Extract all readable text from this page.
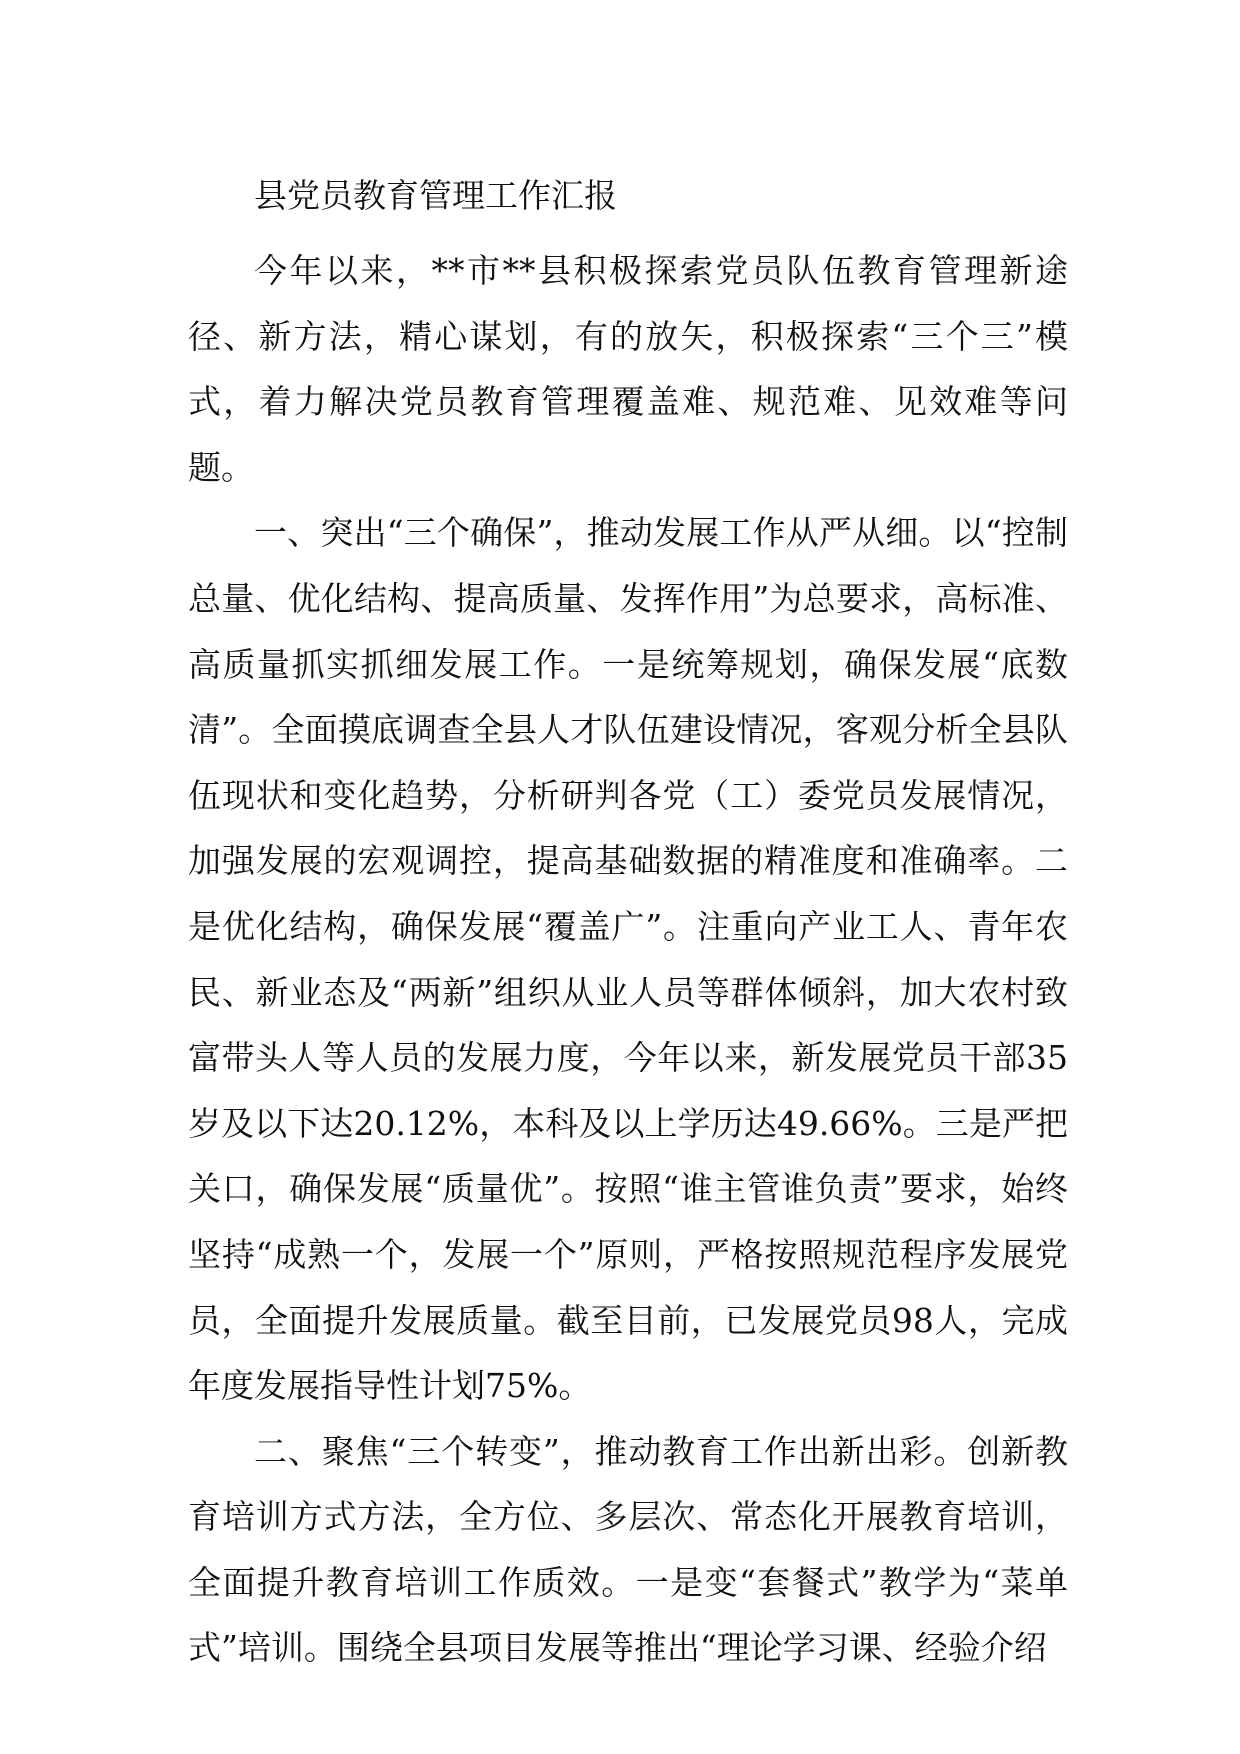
县党员教育管理工作汇报

今年以来，**市**县积极探索党员队伍教育管理新途径、新方法，精心谋划，有的放矢，积极探索“三个三”模式，着力解决党员教育管理覆盖难、规范难、见效难等问题。

一、突出“三个确保”，推动发展工作从严从细。以“控制总量、优化结构、提高质量、发挥作用”为总要求，高标准、高质量抓实抓细发展工作。一是统筹规划，确保发展“底数清”。全面摸底调查全县人才队伍建设情况，客观分析全县队伍现状和变化趋势，分析研判各党（工）委党员发展情况，加强发展的宏观调控，提高基础数据的精准度和准确率。二是优化结构，确保发展“覆盖广”。注重向产业工人、青年农民、新业态及“两新”组织从业人员等群体倾斜，加大农村致富带头人等人员的发展力度，今年以来，新发展党员干部35岁及以下达20.12%，本科及以上学历达49.66%。三是严把关口，确保发展“质量优”。按照“谁主管谁负责”要求，始终坚持“成熟一个，发展一个”原则，严格按照规范程序发展党员，全面提升发展质量。截至目前，已发展党员98人，完成年度发展指导性计划75%。

二、聚焦“三个转变”，推动教育工作出新出彩。创新教育培训方式方法，全方位、多层次、常态化开展教育培训，全面提升教育培训工作质效。一是变“套餐式”教学为“菜单式”培训。围绕全县项目发展等推出“理论学习课、经验介绍
